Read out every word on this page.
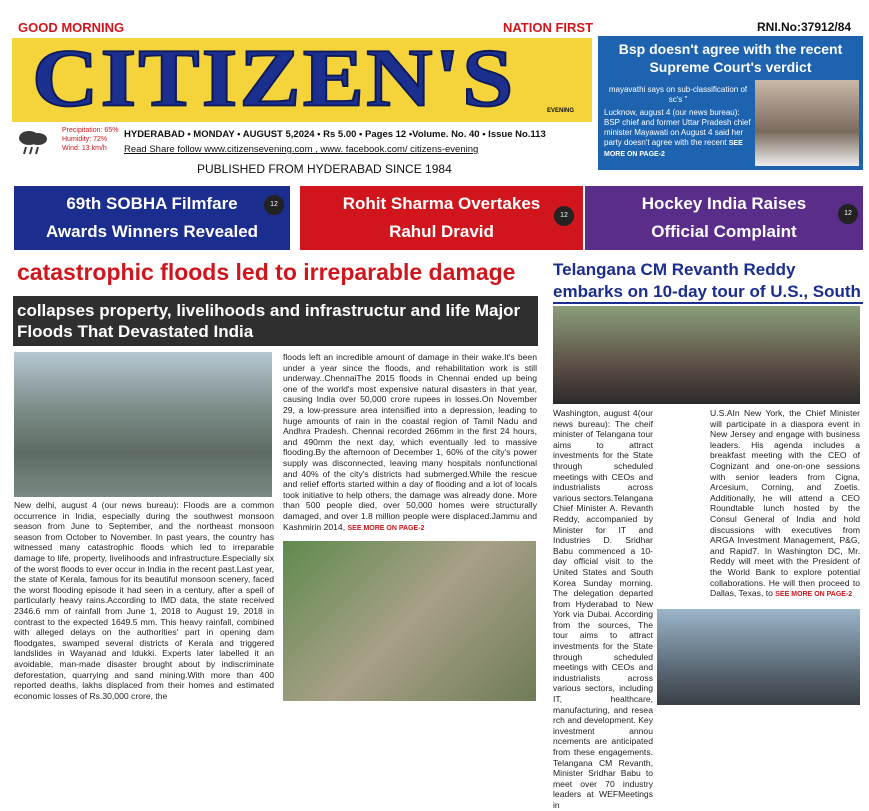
GOOD MORNING	NATION FIRST	RNI.No:37912/84
CITIZEN'S	EVENING
Precipitation: 65%
Humidity: 72%
Wind: 13 km/h
HYDERABAD • MONDAY • AUGUST 5,2024 • Rs 5.00 • Pages 12 •Volume. No. 40 • Issue No.113
Read Share follow www.citizensevening.com , www. facebook.com/ citizens-evening
PUBLISHED FROM HYDERABAD SINCE 1984
Bsp doesn't agree with the recent Supreme Court's verdict
mayavathi says on sub-classification of sc's "
Lucknow, august 4 (our news bureau): BSP chief and former Uttar Pradesh chief minister Mayawati on August 4 said her party doesn't agree with the recent SEE MORE ON PAGE-2
69th SOBHA Filmfare Awards Winners Revealed
12	Rohit Sharma Overtakes Rahul Dravid
12
Hockey India Raises Official Complaint
12
catastrophic floods led to irreparable damage
collapses property, livelihoods and infrastructur and life Major Floods That Devastated India
New delhi, august 4 (our news bureau): Floods are a common occurrence in India, especially during the southwest monsoon season from June to September, and the northeast monsoon season from October to November. In past years, the country has witnessed many catastrophic floods which led to irreparable damage to life, property, livelihoods and infrastructure.Especially six of the worst floods to ever occur in India in the recent past.Last year, the state of Kerala, famous for its beautiful monsoon scenery, faced the worst flooding episode it had seen in a century, after a spell of particularly heavy rains.According to IMD data, the state received 2346.6 mm of rainfall from June 1, 2018 to August 19, 2018 in contrast to the expected 1649.5 mm. This heavy rainfall, combined with alleged delays on the authorities' part in opening dam floodgates, swamped several districts of Kerala and triggered landslides in Wayanad and Idukki. Experts later labelled it an avoidable, man-made disaster brought about by indiscriminate deforestation, quarrying and sand mining.With more than 400 reported deaths, lakhs displaced from their homes and estimated economic losses of Rs.30,000 crore, the
floods left an incredible amount of damage in their wake.It's been under a year since the floods, and rehabilitation work is still underway..ChennaiThe 2015 floods in Chennai ended up being one of the world's most expensive natural disasters in that year, causing India over 50,000 crore rupees in losses.On November 29, a low-pressure area intensified into a depression, leading to huge amounts of rain in the coastal region of Tamil Nadu and Andhra Pradesh. Chennai recorded 266mm in the first 24 hours, and 490mm the next day, which eventually led to massive flooding.By the afternoon of December 1, 60% of the city's power supply was disconnected, leaving many hospitals nonfunctional and 40% of the city's districts had submerged.While the rescue and relief efforts started within a day of flooding and a lot of locals took initiative to help others, the damage was already done. More than 500 people died, over 50,000 homes were structurally damaged, and over 1.8 million people were displaced.Jammu and Kashmirin 2014, SEE MORE ON PAGE-2
Telangana CM Revanth Reddy embarks on 10-day tour of U.S., South
Washington, august 4(our news bureau): The cheif minister of Telangana tour aims to attract investments for the State through scheduled meetings with CEOs and industrialists across various sectors.Telangana Chief Minister A. Revanth Reddy, accompanied by Minister for IT and Industries D. Sridhar Babu commenced a 10-day official visit to the United States and South Korea Sunday morning. The delegation departed from Hyderabad to New York via Dubai. According from the sources, The tour aims to attract investments for the State through scheduled meetings with CEOs and industrialists across various sectors, including IT, healthcare, manufacturing, and resea rch and development. Key investment annou ncements are anticipated from these engagements. Telangana CM Revanth, Minister Sridhar Babu to meet over 70 industry leaders at WEFMeetings in
U.S.AIn New York, the Chief Minister will participate in a diaspora event in New Jersey and engage with business leaders. His agenda includes a breakfast meeting with the CEO of Cognizant and one-on-one sessions with senior leaders from Cigna, Arcesium, Corning, and Zoetis. Additionally, he will attend a CEO Roundtable lunch hosted by the Consul General of India and hold discussions with executives from ARGA Investment Management, P&G, and Rapid7. In Washington DC, Mr. Reddy will meet with the President of the World Bank to explore potential collaborations. He will then proceed to Dallas, Texas, to SEE MORE ON PAGE-2
